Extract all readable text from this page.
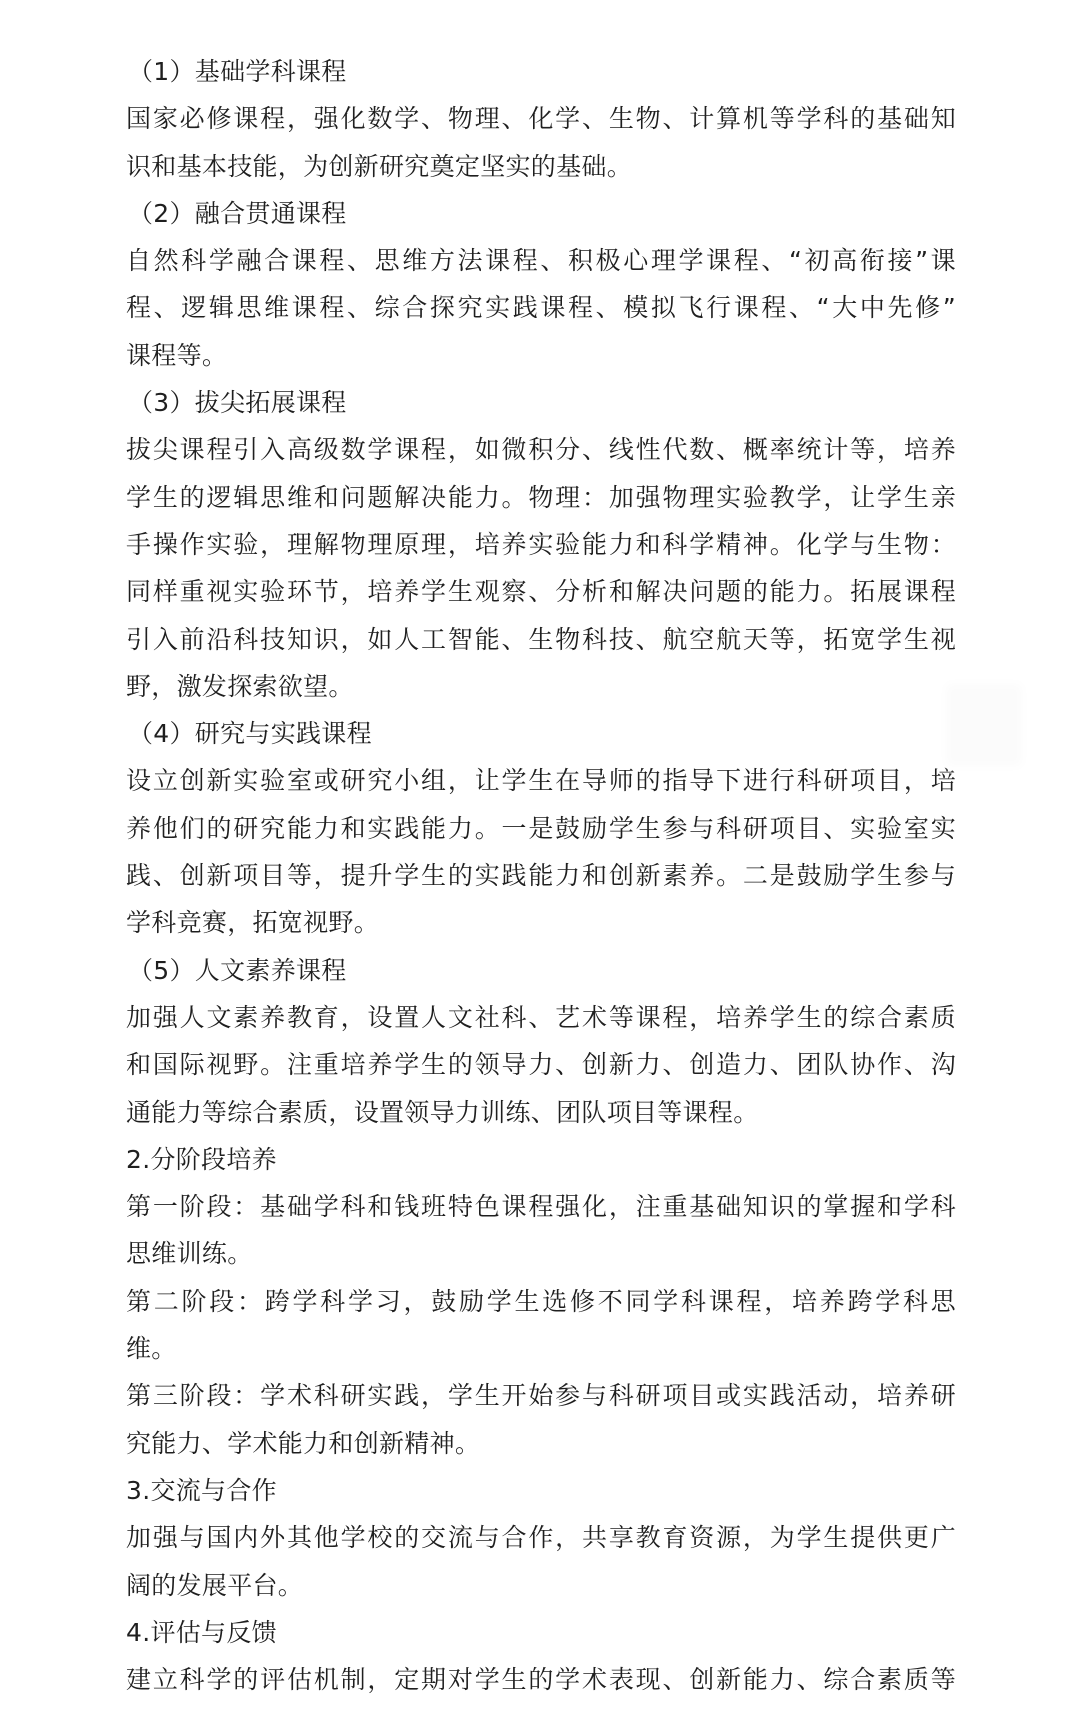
（1）基础学科课程
国家必修课程，强化数学、物理、化学、生物、计算机等学科的基础知
识和基本技能，为创新研究奠定坚实的基础。
（2）融合贯通课程
自然科学融合课程、思维方法课程、积极心理学课程、“初高衔接”课
程、逻辑思维课程、综合探究实践课程、模拟飞行课程、“大中先修”
课程等。
（3）拔尖拓展课程
拔尖课程引入高级数学课程，如微积分、线性代数、概率统计等，培养
学生的逻辑思维和问题解决能力。物理：加强物理实验教学，让学生亲
手操作实验，理解物理原理，培养实验能力和科学精神。化学与生物：
同样重视实验环节，培养学生观察、分析和解决问题的能力。拓展课程
引入前沿科技知识，如人工智能、生物科技、航空航天等，拓宽学生视
野，激发探索欲望。
（4）研究与实践课程
设立创新实验室或研究小组，让学生在导师的指导下进行科研项目，培
养他们的研究能力和实践能力。一是鼓励学生参与科研项目、实验室实
践、创新项目等，提升学生的实践能力和创新素养。二是鼓励学生参与
学科竞赛，拓宽视野。
（5）人文素养课程
加强人文素养教育，设置人文社科、艺术等课程，培养学生的综合素质
和国际视野。注重培养学生的领导力、创新力、创造力、团队协作、沟
通能力等综合素质，设置领导力训练、团队项目等课程。
2.分阶段培养
第一阶段：基础学科和钱班特色课程强化，注重基础知识的掌握和学科
思维训练。
第二阶段：跨学科学习，鼓励学生选修不同学科课程，培养跨学科思
维。
第三阶段：学术科研实践，学生开始参与科研项目或实践活动，培养研
究能力、学术能力和创新精神。
3.交流与合作
加强与国内外其他学校的交流与合作，共享教育资源，为学生提供更广
阔的发展平台。
4.评估与反馈
建立科学的评估机制，定期对学生的学术表现、创新能力、综合素质等
